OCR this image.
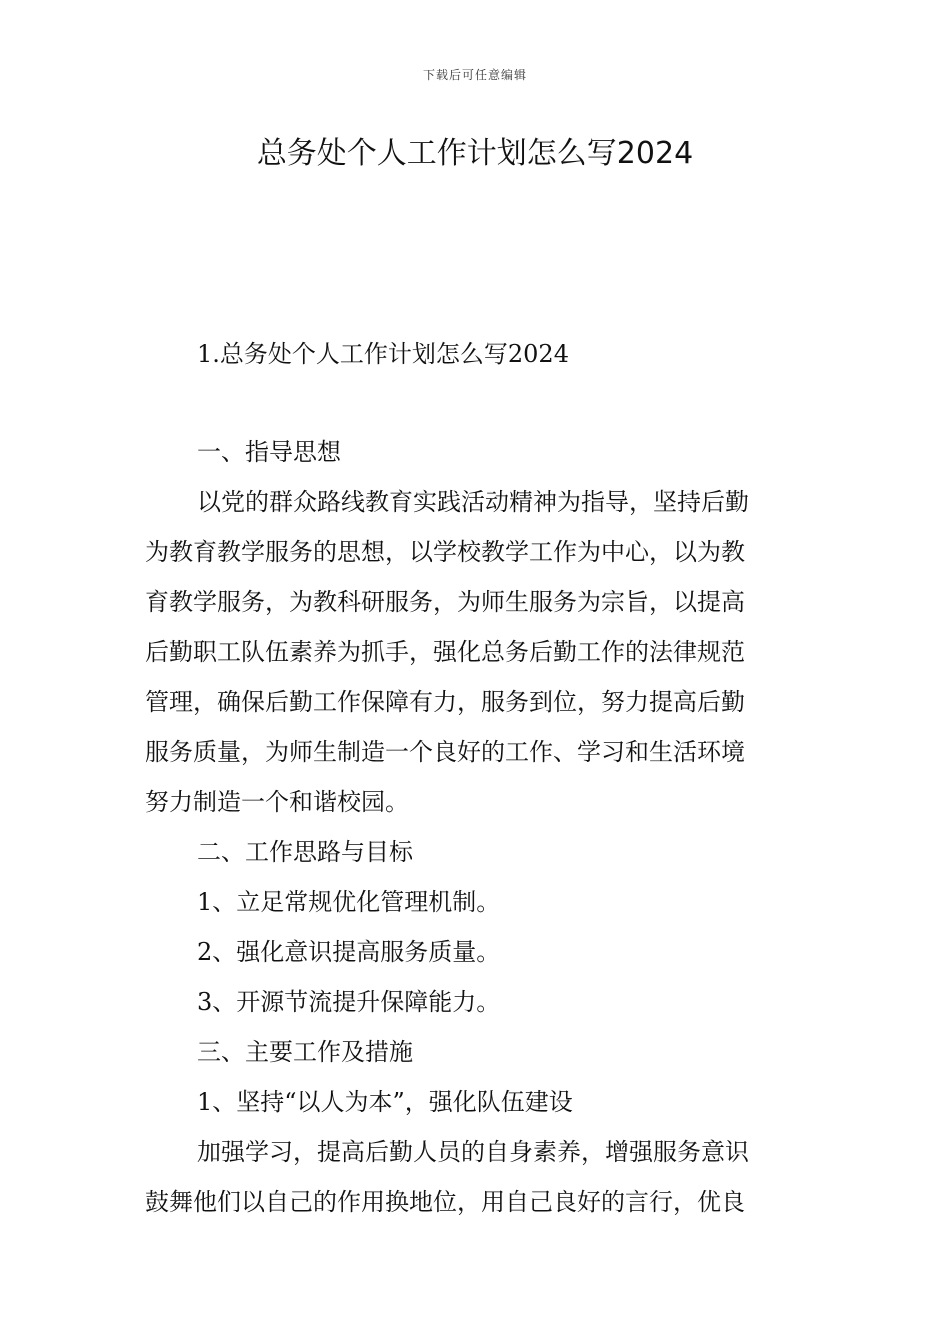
下载后可任意编辑
总务处个人工作计划怎么写2024

1.总务处个人工作计划怎么写2024

一、指导思想

以党的群众路线教育实践活动精神为指导，坚持后勤

为教育教学服务的思想，以学校教学工作为中心，以为教

育教学服务，为教科研服务，为师生服务为宗旨，以提高

后勤职工队伍素养为抓手，强化总务后勤工作的法律规范

管理，确保后勤工作保障有力，服务到位，努力提高后勤

服务质量，为师生制造一个良好的工作、学习和生活环境

努力制造一个和谐校园。

二、工作思路与目标

1、立足常规优化管理机制。

2、强化意识提高服务质量。

3、开源节流提升保障能力。

三、主要工作及措施

1、坚持“以人为本”，强化队伍建设

加强学习，提高后勤人员的自身素养，增强服务意识

鼓舞他们以自己的作用换地位，用自己良好的言行，优良
